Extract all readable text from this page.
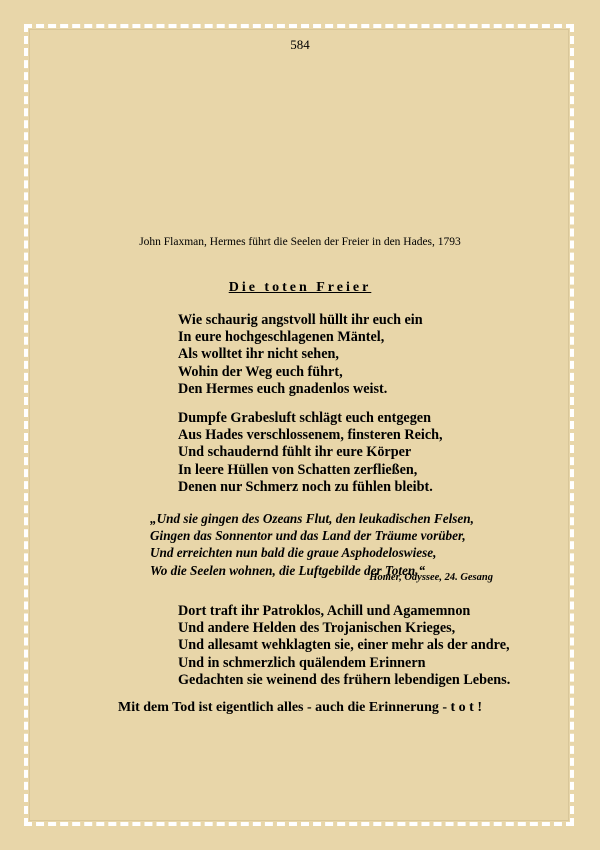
584
John Flaxman, Hermes führt die Seelen der Freier in den Hades, 1793
Die toten Freier
Wie schaurig angstvoll hüllt ihr euch ein
In eure hochgeschlagenen Mäntel,
Als wolltet ihr nicht sehen,
Wohin der Weg euch führt,
Den Hermes euch gnadenlos weist.
Dumpfe Grabesluft schlägt euch entgegen
Aus Hades verschlossenem, finsteren Reich,
Und schaudernd fühlt ihr eure Körper
In leere Hüllen von Schatten zerfließen,
Denen nur Schmerz noch zu fühlen bleibt.
„Und sie gingen des Ozeans Flut, den leukadischen Felsen,
Gingen das Sonnentor und das Land der Träume vorüber,
Und erreichten nun bald die graue Asphodeloswiese,
Wo die Seelen wohnen, die Luftgebilde der Toten.“
Homer, Odyssee, 24. Gesang
Dort traft ihr Patroklos, Achill und Agamemnon
Und andere Helden des Trojanischen Krieges,
Und allesamt wehklagten sie, einer mehr als der andre,
Und in schmerzlich quälendem Erinnern
Gedachten sie weinend des frühern lebendigen Lebens.
Mit dem Tod ist eigentlich alles - auch die Erinnerung - t o t !
